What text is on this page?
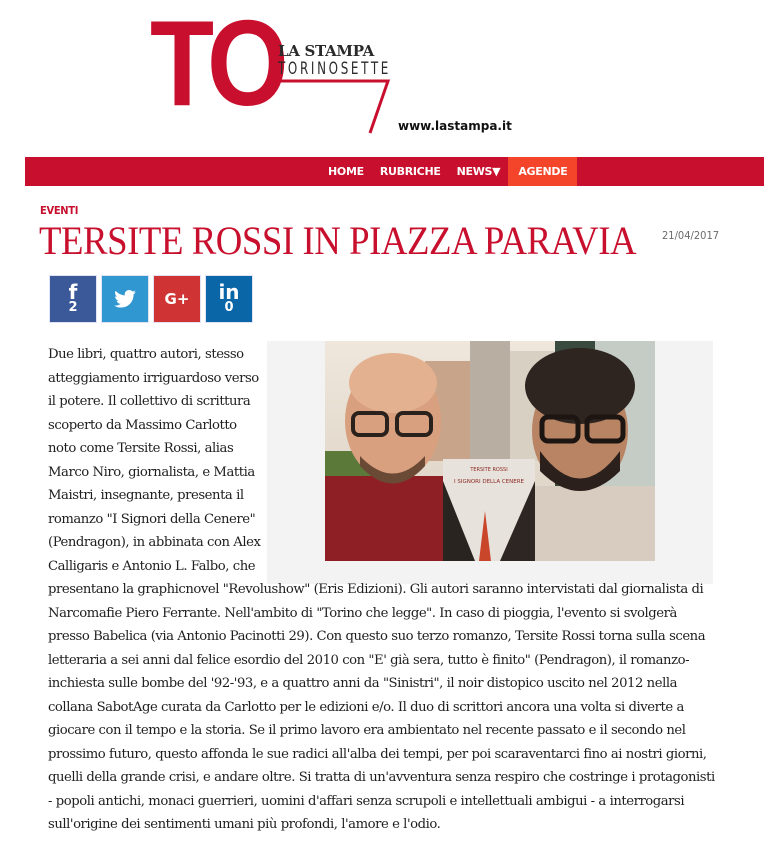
TO
LA STAMPA
TORINOSETTE
www.lastampa.it
HOME	RUBRICHE	NEWS▼	AGENDE
EVENTI
TERSITE ROSSI IN PIAZZA PARAVIA 21/04/2017
f
2	G+ in
0
TERSITE ROSSI
I SIGNORI DELLA CENERE
Due libri, quattro autori, stesso atteggiamento irriguardoso verso il potere. Il collettivo di scrittura scoperto da Massimo Carlotto noto come Tersite Rossi, alias Marco Niro, giornalista, e Mattia Maistri, insegnante, presenta il romanzo "I Signori della Cenere" (Pendragon), in abbinata con Alex Calligaris e Antonio L. Falbo, che presentano la graphicnovel "Revolushow" (Eris Edizioni). Gli autori saranno intervistati dal giornalista di Narcomafie Piero Ferrante. Nell'ambito di "Torino che legge". In caso di pioggia, l'evento si svolgerà presso Babelica (via Antonio Pacinotti 29). Con questo suo terzo romanzo, Tersite Rossi torna sulla scena letteraria a sei anni dal felice esordio del 2010 con "E' già sera, tutto è finito" (Pendragon), il romanzo-inchiesta sulle bombe del '92-'93, e a quattro anni da "Sinistri", il noir distopico uscito nel 2012 nella collana SabotAge curata da Carlotto per le edizioni e/o. Il duo di scrittori ancora una volta si diverte a giocare con il tempo e la storia. Se il primo lavoro era ambientato nel recente passato e il secondo nel prossimo futuro, questo affonda le sue radici all'alba dei tempi, per poi scaraventarci fino ai nostri giorni, quelli della grande crisi, e andare oltre. Si tratta di un'avventura senza respiro che costringe i protagonisti - popoli antichi, monaci guerrieri, uomini d'affari senza scrupoli e intellettuali ambigui - a interrogarsi sull'origine dei sentimenti umani più profondi, l'amore e l'odio.
